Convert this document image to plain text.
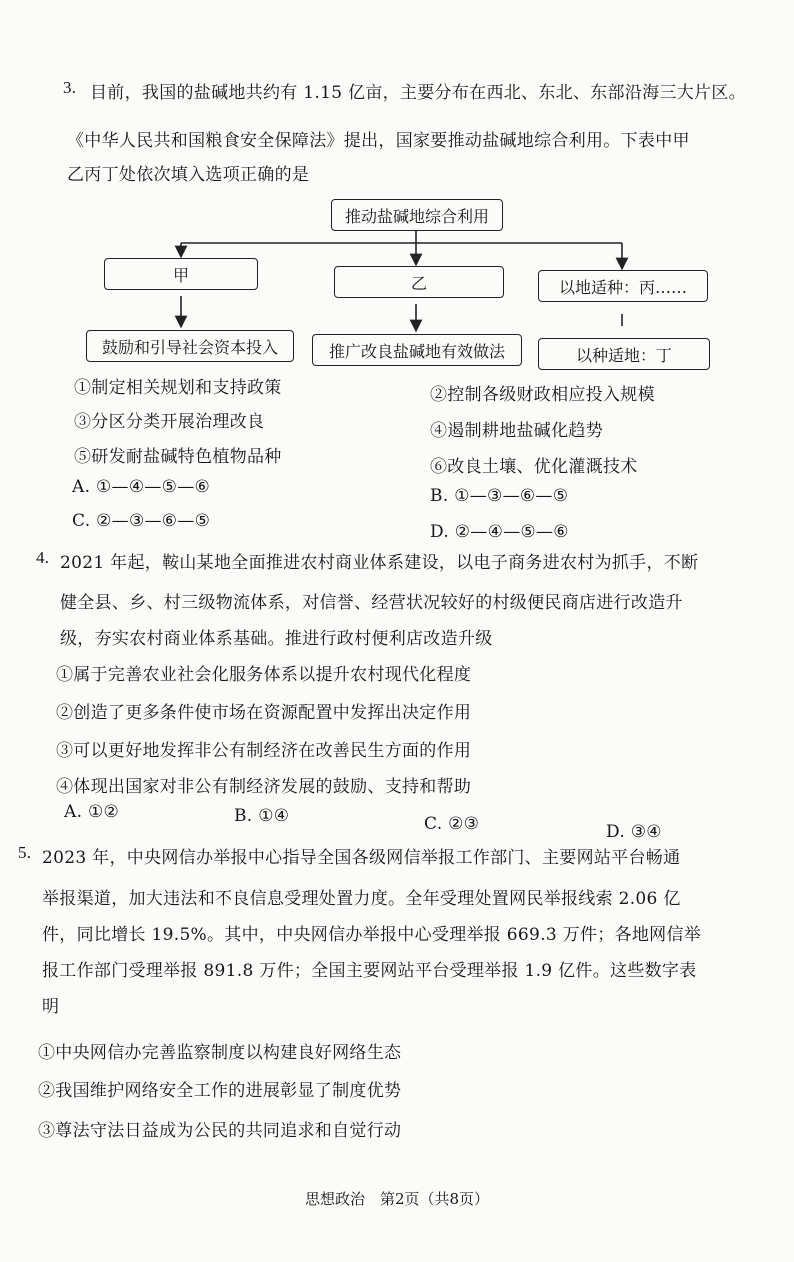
3. 目前，我国的盐碱地共约有 1.15 亿亩，主要分布在西北、东北、东部沿海三大片区。
《中华人民共和国粮食安全保障法》提出，国家要推动盐碱地综合利用。下表中甲
乙丙丁处依次填入选项正确的是
推动盐碱地综合利用
甲	乙	以地适种：丙……
鼓励和引导社会资本投入	推广改良盐碱地有效做法	以种适地：丁
①制定相关规划和支持政策	②控制各级财政相应投入规模
③分区分类开展治理改良	④遏制耕地盐碱化趋势
⑤研发耐盐碱特色植物品种	⑥改良土壤、优化灌溉技术
A. ①—④—⑤—⑥	B. ①—③—⑥—⑤
C. ②—③—⑥—⑤
D. ②—④—⑤—⑥
4. 2021 年起，鞍山某地全面推进农村商业体系建设，以电子商务进农村为抓手，不断
健全县、乡、村三级物流体系，对信誉、经营状况较好的村级便民商店进行改造升
级，夯实农村商业体系基础。推进行政村便利店改造升级
①属于完善农业社会化服务体系以提升农村现代化程度
②创造了更多条件使市场在资源配置中发挥出决定作用
③可以更好地发挥非公有制经济在改善民生方面的作用
④体现出国家对非公有制经济发展的鼓励、支持和帮助
A. ①②	B. ①④	C. ②③	D. ③④
5. 2023 年，中央网信办举报中心指导全国各级网信举报工作部门、主要网站平台畅通
举报渠道，加大违法和不良信息受理处置力度。全年受理处置网民举报线索 2.06 亿
件，同比增长 19.5%。其中，中央网信办举报中心受理举报 669.3 万件；各地网信举
报工作部门受理举报 891.8 万件；全国主要网站平台受理举报 1.9 亿件。这些数字表
明
①中央网信办完善监察制度以构建良好网络生态
②我国维护网络安全工作的进展彰显了制度优势
③尊法守法日益成为公民的共同追求和自觉行动
思想政治　第2页（共8页）
